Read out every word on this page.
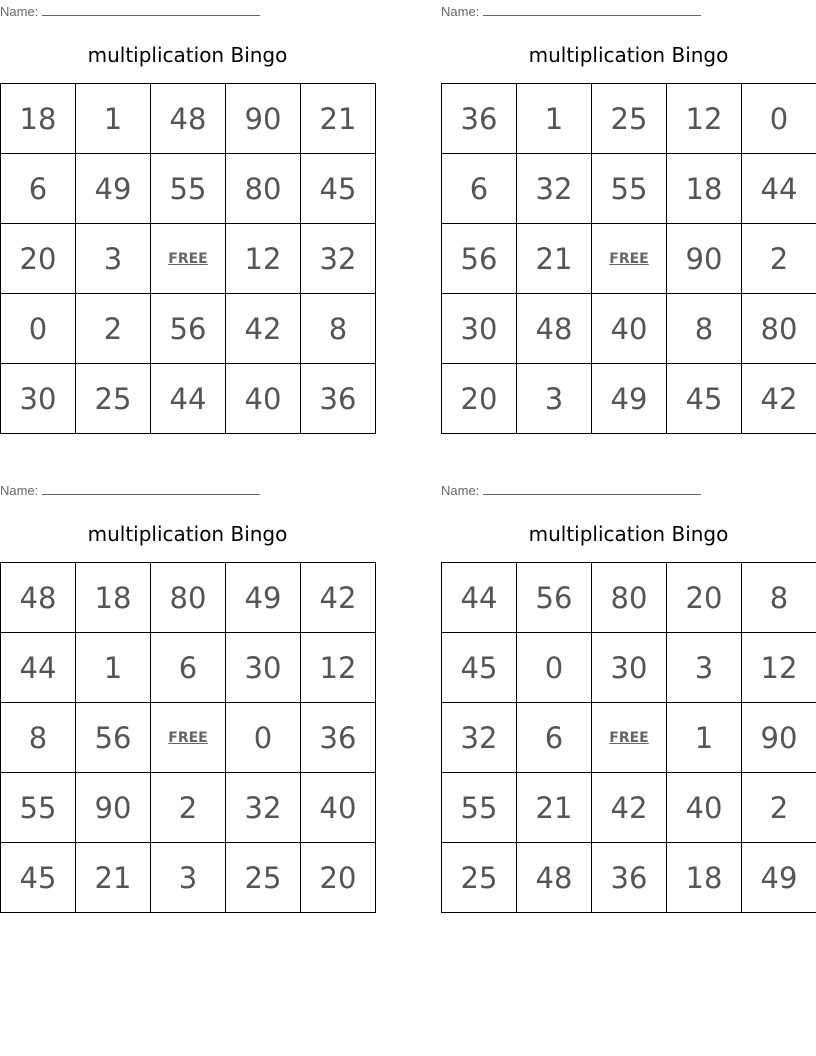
Name:
multiplication Bingo
18	1	48	90	21
6	49	55	80	45
20	3	FREE	12	32
0	2	56	42	8
30	25	44	40	36
Name:
multiplication Bingo
36	1	25	12	0
6	32	55	18	44
56	21	FREE	90	2
30	48	40	8	80
20	3	49	45	42
Name:
multiplication Bingo
48	18	80	49	42
44	1	6	30	12
8	56	FREE	0	36
55	90	2	32	40
45	21	3	25	20
Name:
multiplication Bingo
44	56	80	20	8
45	0	30	3	12
32	6	FREE	1	90
55	21	42	40	2
25	48	36	18	49
